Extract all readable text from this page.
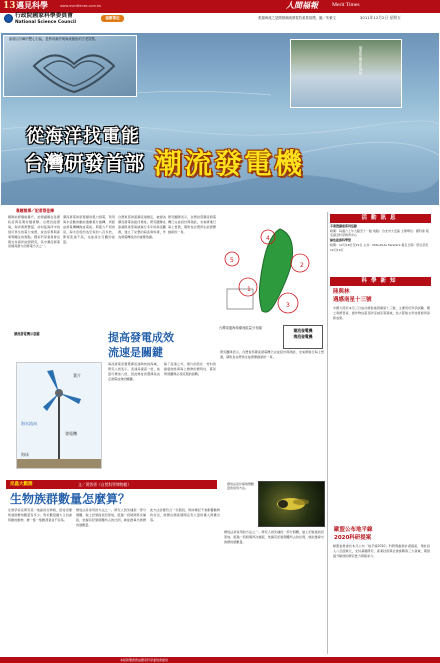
13 邁見科學	www.merittimes.com.tw	人間福報	Merit Times
2011年12月2日 星期五
行政院國家科學委員會
National Science Council
協辦單位	張揚海流之是開發潮流發電的重要指標。圖／朱紫文
澎湖吉貝嶼的雙心石滬，是利用潮汐與海流捕魚的古老智慧。
潮流能量豐沛的海峽
從海洋找電能
台灣研發首部 潮流發電機
專題報導／記者蔡佳樺
國際能源價格攀升，能源議題在各國政府與民間持續發酵。台灣四面環海，海洋資源豐富，如何從海洋中找到可再生的電力來源，成為學界與產業界關注的焦點。國家科學委員會長期支持海洋能源研究，其中潮流發電是極具潛力的發電方式之一。
潮流發電的原理類似風力發電，利用海水流動的動能推動葉片旋轉，再經由發電機轉換成電能。與風力不同的是，海水密度約為空氣的八百多倍，即使流速不高，也能產生可觀的能量。
台灣東部的黑潮流速穩定，被視為潮流發電的最佳場址。研究團隊在澎湖與東部海域進行多年的海流觀測，建立了完整的海流資料庫，作為發電機設計的重要依據。
研究團隊表示，台灣首部潮流發電機已完成設計與測試，未來將進行海上實測，期盼為台灣再生能源開創新的一頁。
1
2
3
4
5
台灣周邊海域潮流能量分布圖	潮流發電機
海流發電機
活動訊息
手冊暨講座系列活動
時間：每週六上午九點至十一點 地點：台北市大安區 主辦單位：國科會 報名請洽科學教育中心
綠色能源科學營
時間：12月18日至19日 主持：Mitsuhide Takahira 報名日期：即日起至12月10日
科學新知
陸與林
遇感南星十三號
中國大陸於本月三日成功發射遙感衛星十三號，主要用於科學試驗、國土資源普查、農作物估產及防災減災等領域，為大陸航太科技發展再添新成果。
歐盟公布地平線
2020科研提案
歐盟委員會於本月公布「地平線2020」科研與創新計畫提案，預計投入八百億歐元，支持基礎研究、產業技術與社會挑戰等三大領域，期望提升歐洲的研究實力與競爭力。
潮流發電機示意圖	提高發電成效
流速是關鍵
海水流向
葉片
發電機
海床
海流發電需要選擇流速夠快的海域，研究人員表示，流速每提高一倍，能量可增加八倍，因此場址的選擇是決定發電成效的關鍵。
除了流速之外，葉片的設計、材料的耐腐蝕性與海上維修的便利性，都是研發團隊必須克服的挑戰。
研究團隊表示，台灣首部潮流發電機已完成設計與測試，未來將進行海上實測，期盼為台灣再生能源開創新的一頁。
昆蟲大觀園	文／黃智勇（自然科學博物館）
生物族群數量怎麼算？
標放法是計算族群數量的常用方法。
生態學家在研究某一地區的生物時，經常需要知道族群的數量有多少。對於數量龐大又四處移動的動物，要一隻一隻數清楚並不容易。
標放法是常用的方法之一。研究人員先捕捉一部分個體，做上記號後放回原地，經過一段時間再次捕捉，依據有記號個體所占的比例，就能推算出族群的總數量。
此方法需要符合一些假設，例如標記不會影響動物的存活，族群在調查期間沒有大量的遷入與遷出等。
標放法是常用的方法之一。研究人員先捕捉一部分個體，做上記號後放回原地，經過一段時間再次捕捉，依據有記號個體所占的比例，就能推算出族群的總數量。
本版新聞資訊由國家科學委員會提供
